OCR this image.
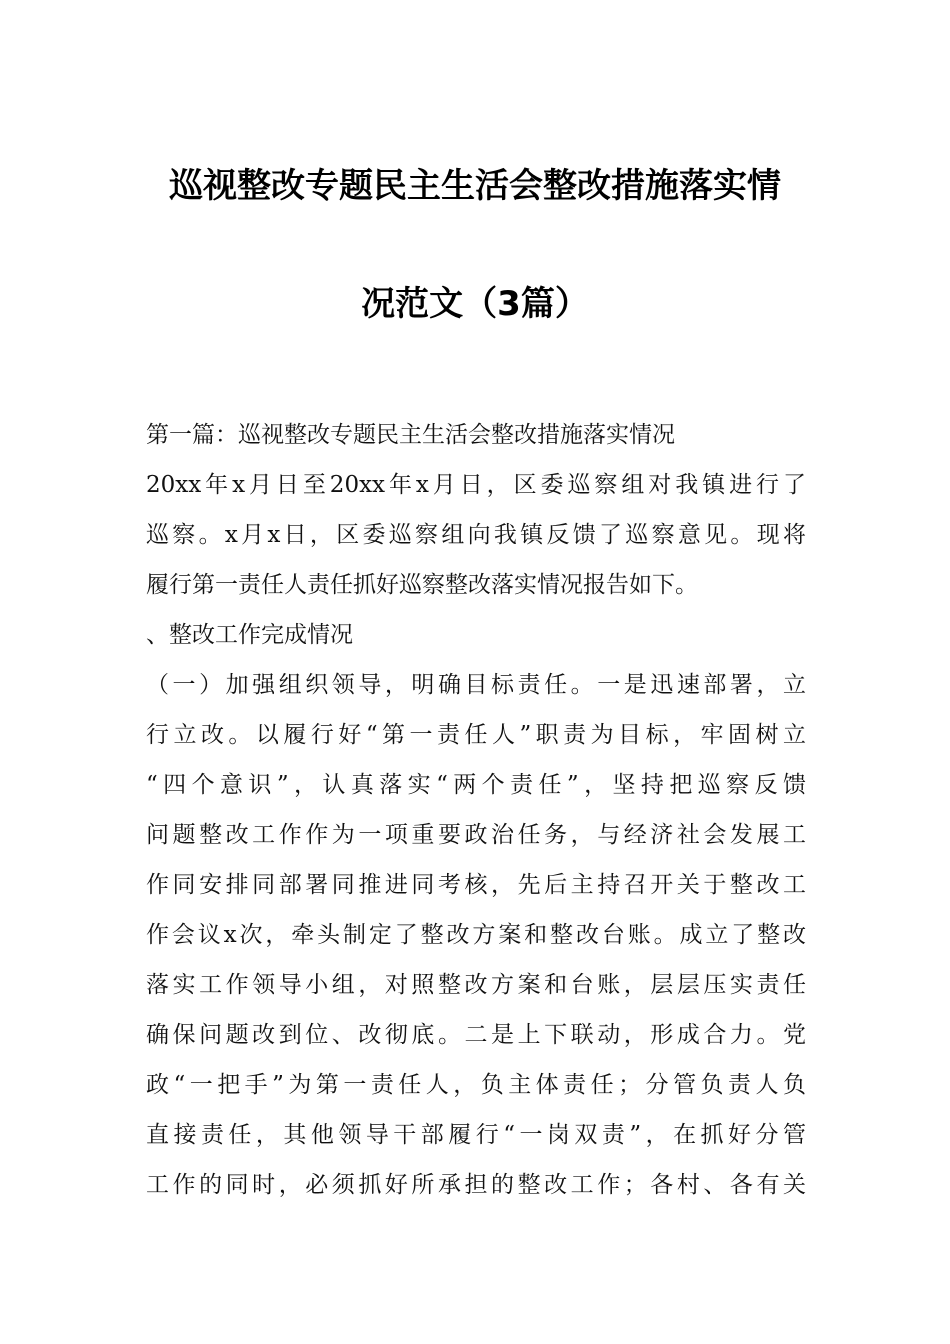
巡视整改专题民主生活会整改措施落实情
况范文（3篇）
第一篇：巡视整改专题民主生活会整改措施落实情况
20xx年x月日至20xx年x月日，区委巡察组对我镇进行了
巡察。x月x日，区委巡察组向我镇反馈了巡察意见。现将
履行第一责任人责任抓好巡察整改落实情况报告如下。
、整改工作完成情况
（一）加强组织领导，明确目标责任。一是迅速部署，立
行立改。以履行好“第一责任人”职责为目标，牢固树立
“四个意识”，认真落实“两个责任”，坚持把巡察反馈
问题整改工作作为一项重要政治任务，与经济社会发展工
作同安排同部署同推进同考核，先后主持召开关于整改工
作会议x次，牵头制定了整改方案和整改台账。成立了整改
落实工作领导小组，对照整改方案和台账，层层压实责任
确保问题改到位、改彻底。二是上下联动，形成合力。党
政“一把手”为第一责任人，负主体责任；分管负责人负
直接责任，其他领导干部履行“一岗双责”，在抓好分管
工作的同时，必须抓好所承担的整改工作；各村、各有关
